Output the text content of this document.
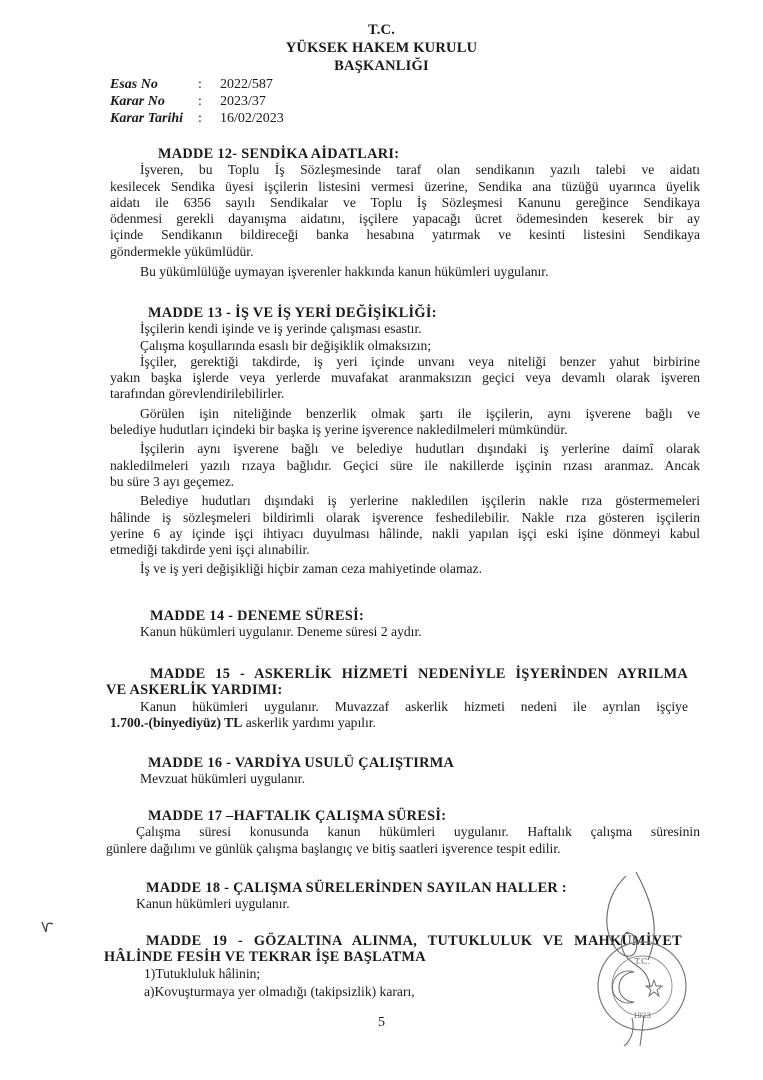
T.C.
YÜKSEK HAKEM KURULU
BAŞKANLIĞI
Esas No	:	2022/587
Karar No	:	2023/37
Karar Tarihi	:	16/02/2023
MADDE 12- SENDİKA AİDATLARI:
İşveren, bu Toplu İş Sözleşmesinde taraf olan sendikanın yazılı talebi ve aidatı
kesilecek Sendika üyesi işçilerin listesini vermesi üzerine, Sendika ana tüzüğü uyarınca üyelik
aidatı ile 6356 sayılı Sendikalar ve Toplu İş Sözleşmesi Kanunu gereğince Sendikaya
ödenmesi gerekli dayanışma aidatını, işçilere yapacağı ücret ödemesinden keserek bir ay
içinde Sendikanın bildireceği banka hesabına yatırmak ve kesinti listesini Sendikaya
göndermekle yükümlüdür.
Bu yükümlülüğe uymayan işverenler hakkında kanun hükümleri uygulanır.
MADDE 13 - İŞ VE İŞ YERİ DEĞİŞİKLİĞİ:
İşçilerin kendi işinde ve iş yerinde çalışması esastır.
Çalışma koşullarında esaslı bir değişiklik olmaksızın;
İşçiler, gerektiği takdirde, iş yeri içinde unvanı veya niteliği benzer yahut birbirine
yakın başka işlerde veya yerlerde muvafakat aranmaksızın geçici veya devamlı olarak işveren
tarafından görevlendirilebilirler.
Görülen işin niteliğinde benzerlik olmak şartı ile işçilerin, aynı işverene bağlı ve
belediye hudutları içindeki bir başka iş yerine işverence nakledilmeleri mümkündür.
İşçilerin aynı işverene bağlı ve belediye hudutları dışındaki iş yerlerine daimî olarak
nakledilmeleri yazılı rızaya bağlıdır. Geçici süre ile nakillerde işçinin rızası aranmaz. Ancak
bu süre 3 ayı geçemez.
Belediye hudutları dışındaki iş yerlerine nakledilen işçilerin nakle rıza göstermemeleri
hâlinde iş sözleşmeleri bildirimli olarak işverence feshedilebilir. Nakle rıza gösteren işçilerin
yerine 6 ay içinde işçi ihtiyacı duyulması hâlinde, nakli yapılan işçi eski işine dönmeyi kabul
etmediği takdirde yeni işçi alınabilir.
İş ve iş yeri değişikliği hiçbir zaman ceza mahiyetinde olamaz.
MADDE 14 - DENEME SÜRESİ:
Kanun hükümleri uygulanır. Deneme süresi 2 aydır.
MADDE 15 - ASKERLİK HİZMETİ NEDENİYLE İŞYERİNDEN AYRILMA
VE ASKERLİK YARDIMI:
Kanun hükümleri uygulanır. Muvazzaf askerlik hizmeti nedeni ile ayrılan işçiye
1.700.-(binyediyüz) TL askerlik yardımı yapılır.
MADDE 16 - VARDİYA USULÜ ÇALIŞTIRMA
Mevzuat hükümleri uygulanır.
MADDE 17 –HAFTALIK ÇALIŞMA SÜRESİ:
Çalışma süresi konusunda kanun hükümleri uygulanır. Haftalık çalışma süresinin
günlere dağılımı ve günlük çalışma başlangıç ve bitiş saatleri işverence tespit edilir.
MADDE 18 - ÇALIŞMA SÜRELERİNDEN SAYILAN HALLER :
Kanun hükümleri uygulanır.
MADDE 19 - GÖZALTINA ALINMA, TUTUKLULUK VE MAHKÛMİYET
HÂLİNDE FESİH VE TEKRAR İŞE BAŞLATMA
1)Tutukluluk hâlinin;
a)Kovuşturmaya yer olmadığı (takipsizlik) kararı,
5
T.C.
1923
